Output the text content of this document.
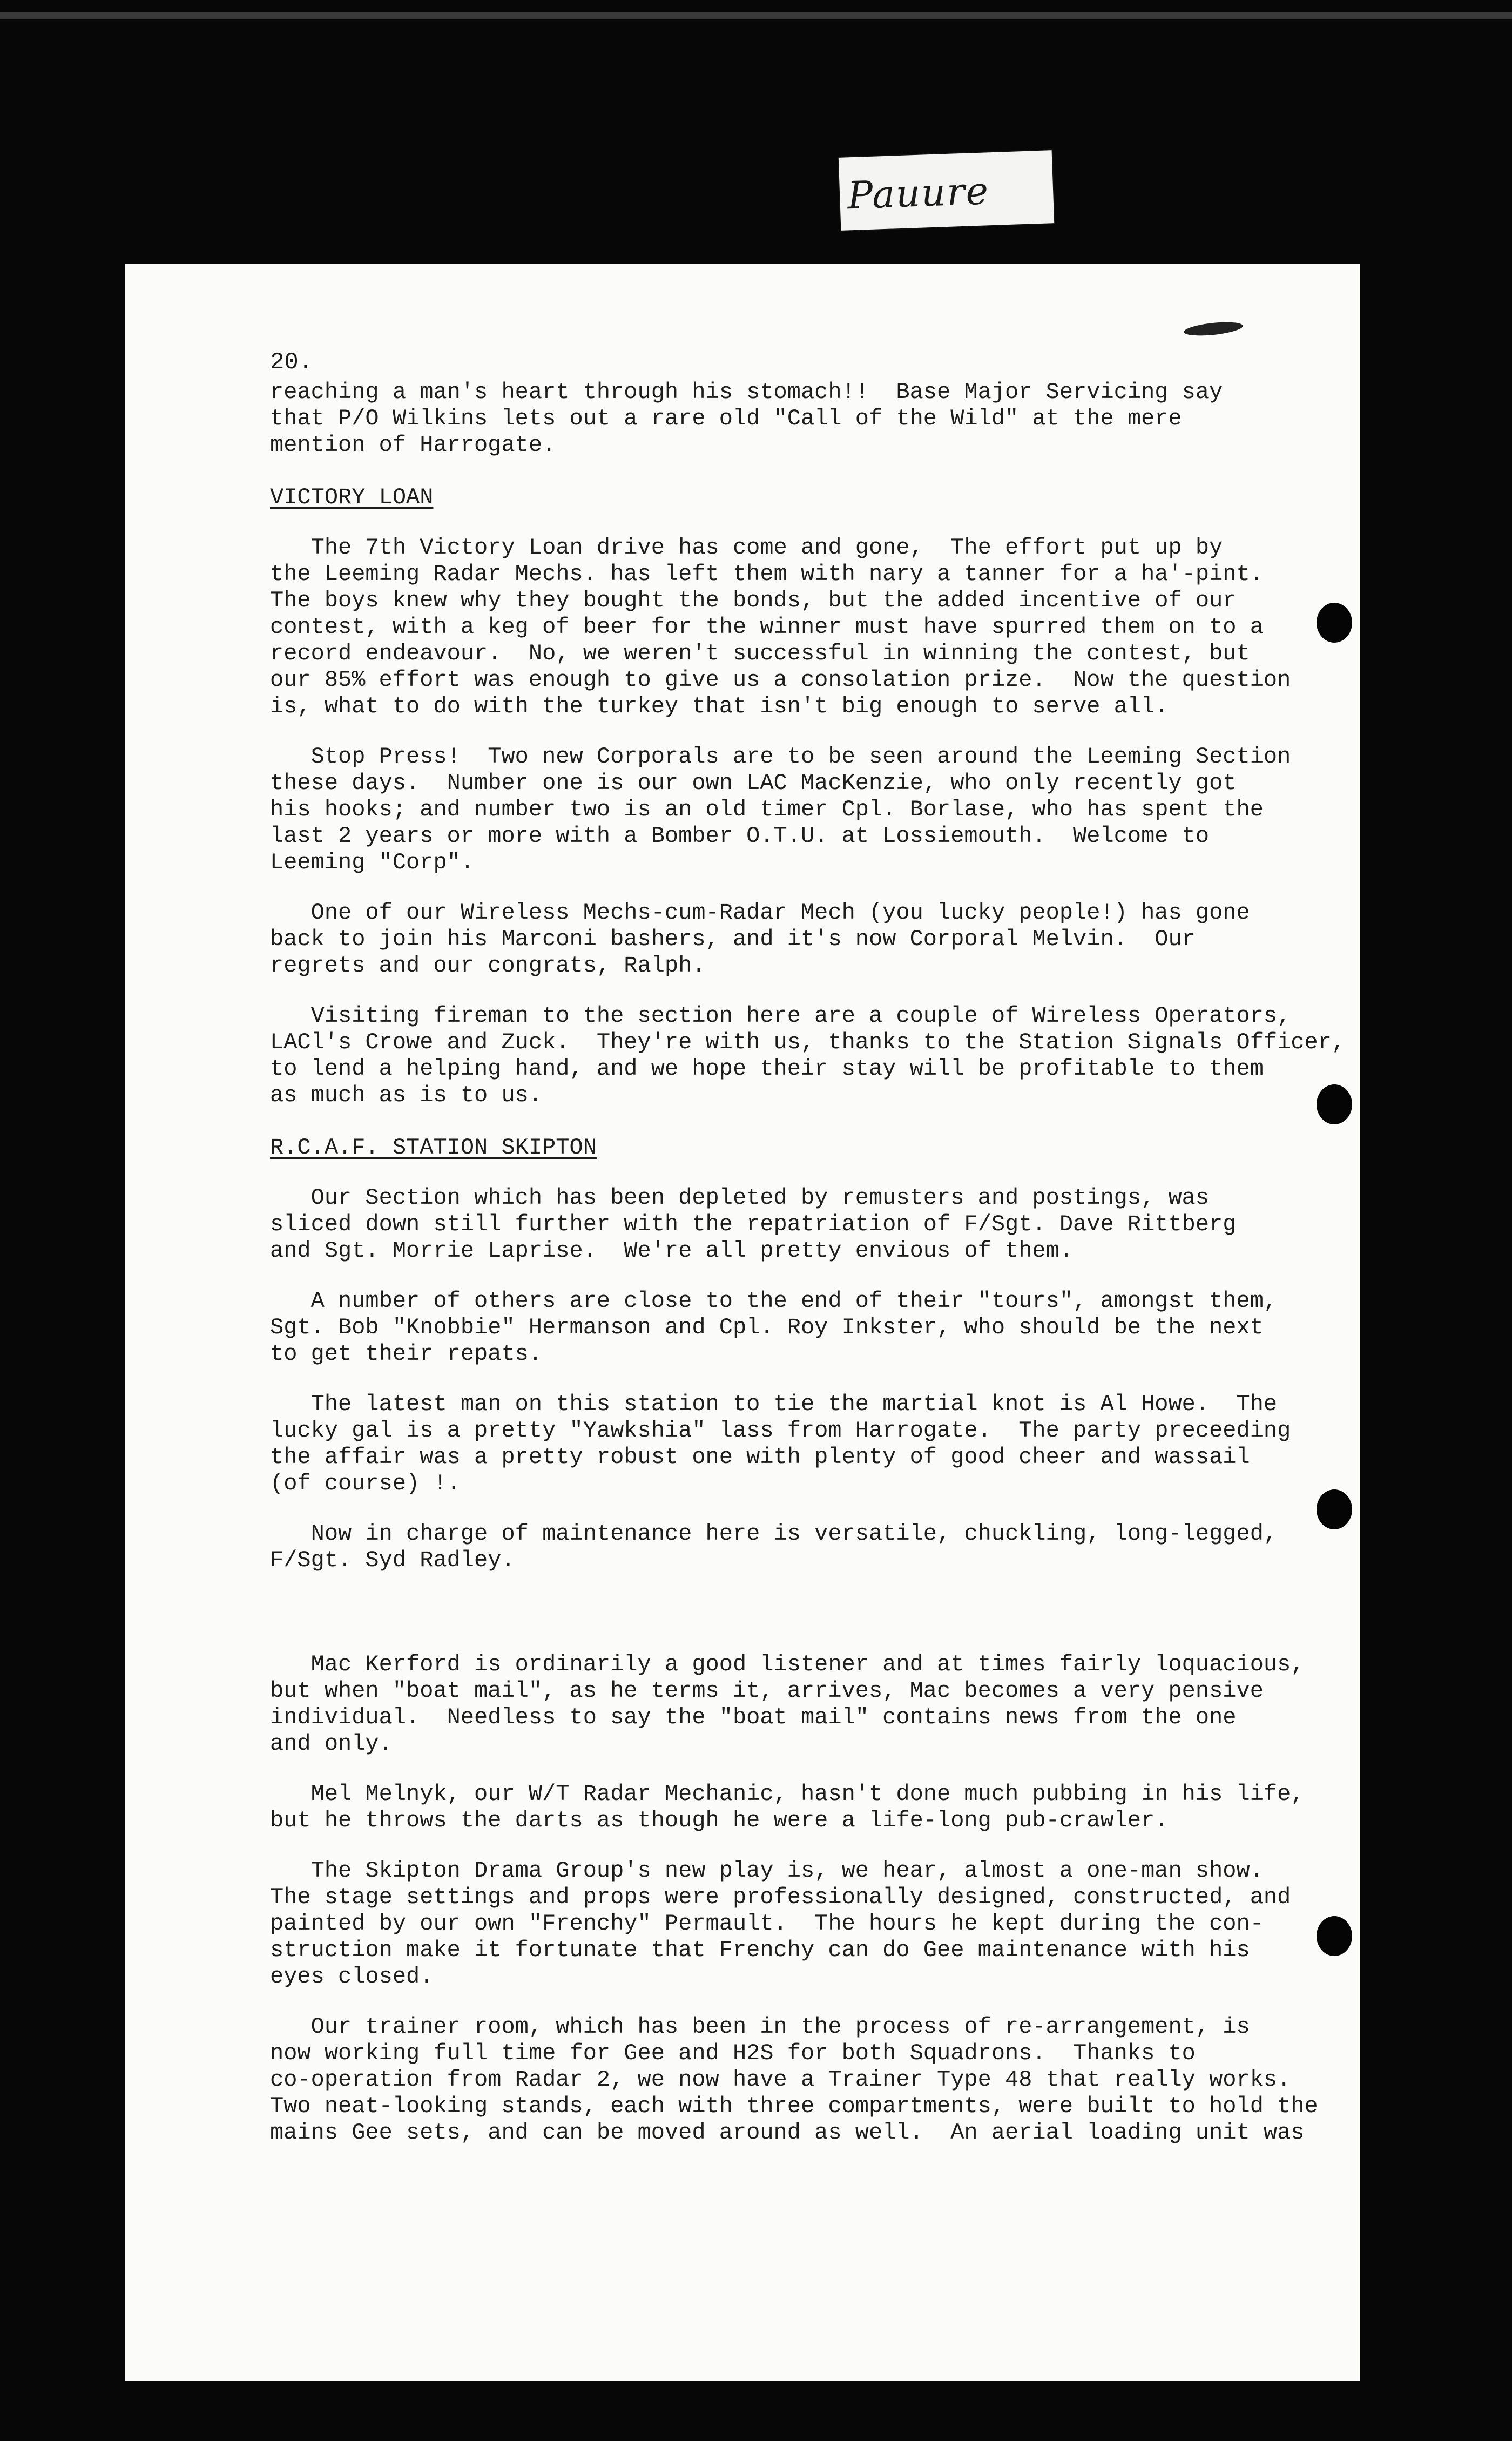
Pauure
20.
reaching a man's heart through his stomach!!  Base Major Servicing say
that P/O Wilkins lets out a rare old "Call of the Wild" at the mere
mention of Harrogate.
VICTORY LOAN
The 7th Victory Loan drive has come and gone,  The effort put up by
the Leeming Radar Mechs. has left them with nary a tanner for a ha'-pint.
The boys knew why they bought the bonds, but the added incentive of our
contest, with a keg of beer for the winner must have spurred them on to a
record endeavour.  No, we weren't successful in winning the contest, but
our 85% effort was enough to give us a consolation prize.  Now the question
is, what to do with the turkey that isn't big enough to serve all.
Stop Press!  Two new Corporals are to be seen around the Leeming Section
these days.  Number one is our own LAC MacKenzie, who only recently got
his hooks; and number two is an old timer Cpl. Borlase, who has spent the
last 2 years or more with a Bomber O.T.U. at Lossiemouth.  Welcome to
Leeming "Corp".
One of our Wireless Mechs-cum-Radar Mech (you lucky people!) has gone
back to join his Marconi bashers, and it's now Corporal Melvin.  Our
regrets and our congrats, Ralph.
Visiting fireman to the section here are a couple of Wireless Operators,
LACl's Crowe and Zuck.  They're with us, thanks to the Station Signals Officer,
to lend a helping hand, and we hope their stay will be profitable to them
as much as is to us.
R.C.A.F. STATION SKIPTON
Our Section which has been depleted by remusters and postings, was
sliced down still further with the repatriation of F/Sgt. Dave Rittberg
and Sgt. Morrie Laprise.  We're all pretty envious of them.
A number of others are close to the end of their "tours", amongst them,
Sgt. Bob "Knobbie" Hermanson and Cpl. Roy Inkster, who should be the next
to get their repats.
The latest man on this station to tie the martial knot is Al Howe.  The
lucky gal is a pretty "Yawkshia" lass from Harrogate.  The party preceeding
the affair was a pretty robust one with plenty of good cheer and wassail
(of course) !.
Now in charge of maintenance here is versatile, chuckling, long-legged,
F/Sgt. Syd Radley.
Mac Kerford is ordinarily a good listener and at times fairly loquacious,
but when "boat mail", as he terms it, arrives, Mac becomes a very pensive
individual.  Needless to say the "boat mail" contains news from the one
and only.
Mel Melnyk, our W/T Radar Mechanic, hasn't done much pubbing in his life,
but he throws the darts as though he were a life-long pub-crawler.
The Skipton Drama Group's new play is, we hear, almost a one-man show.
The stage settings and props were professionally designed, constructed, and
painted by our own "Frenchy" Permault.  The hours he kept during the con-
struction make it fortunate that Frenchy can do Gee maintenance with his
eyes closed.
Our trainer room, which has been in the process of re-arrangement, is
now working full time for Gee and H2S for both Squadrons.  Thanks to
co-operation from Radar 2, we now have a Trainer Type 48 that really works.
Two neat-looking stands, each with three compartments, were built to hold the
mains Gee sets, and can be moved around as well.  An aerial loading unit was
